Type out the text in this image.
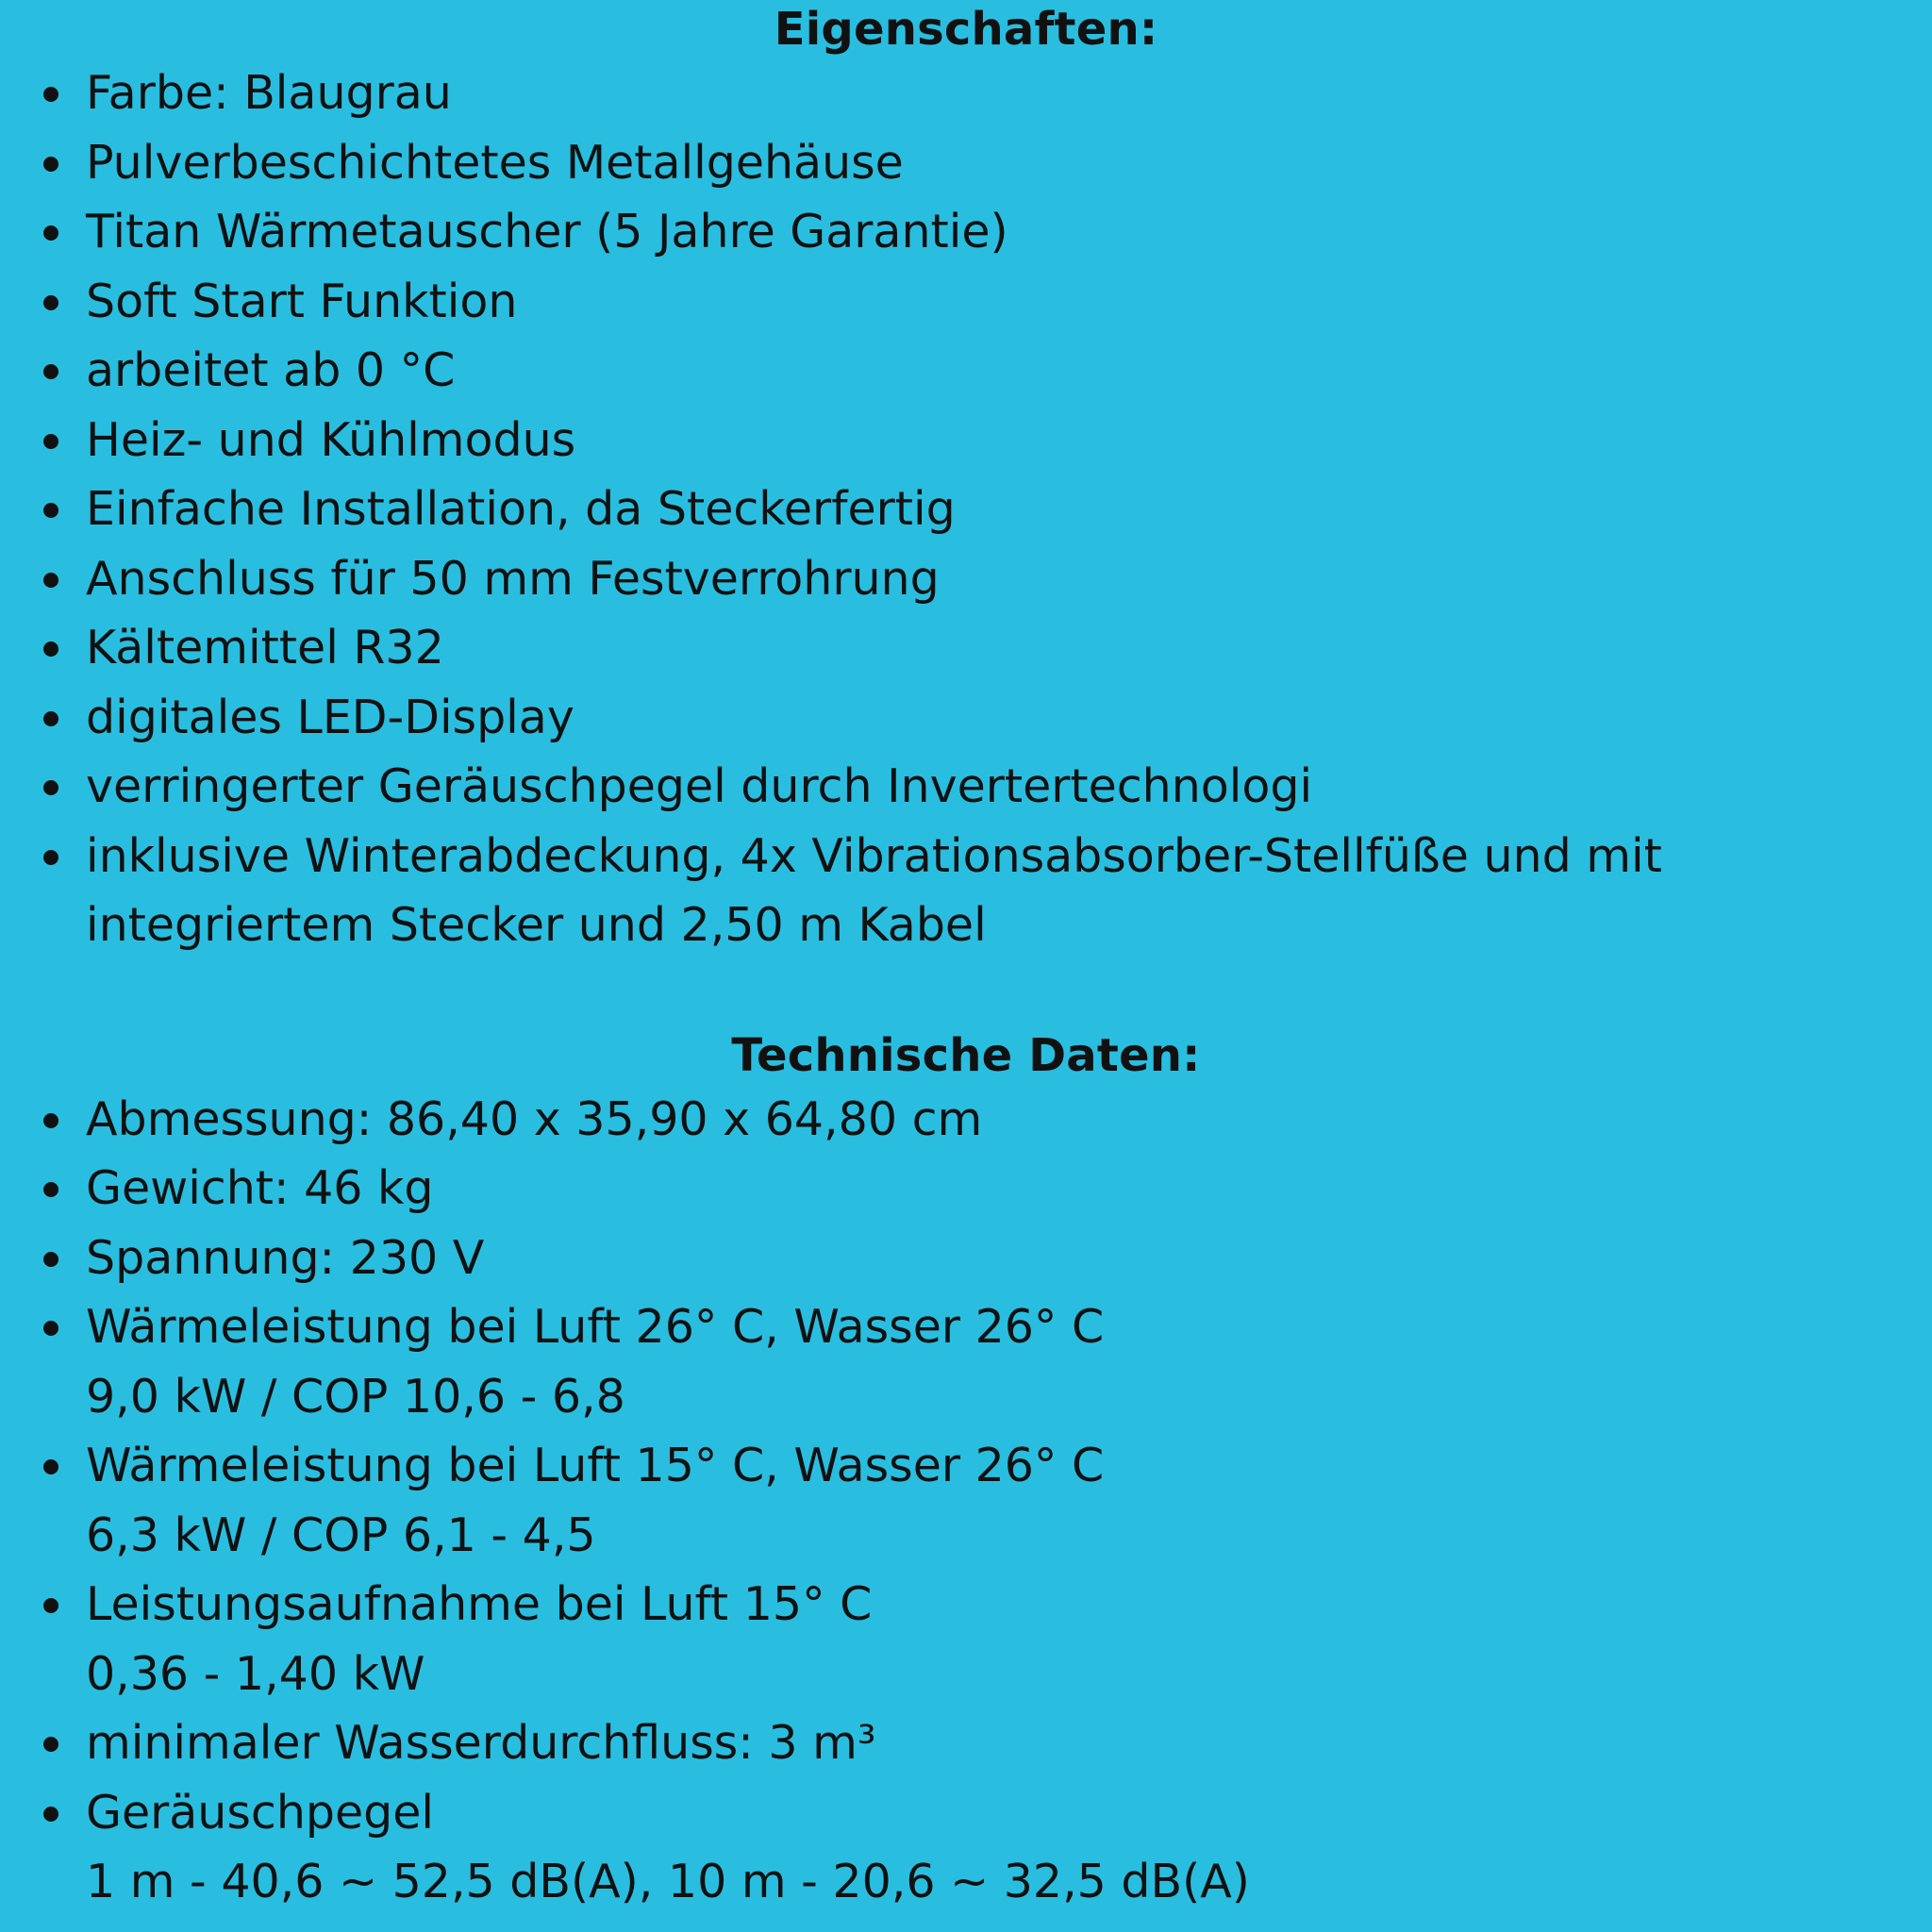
Eigenschaften:
Farbe: Blaugrau
Pulverbeschichtetes Metallgehäuse
Titan Wärmetauscher (5 Jahre Garantie)
Soft Start Funktion
arbeitet ab 0 °C
Heiz- und Kühlmodus
Einfache Installation, da Steckerfertig
Anschluss für 50 mm Festverrohrung
Kältemittel R32
digitales LED-Display
verringerter Geräuschpegel durch Invertertechnologi
inklusive Winterabdeckung, 4x Vibrationsabsorber-Stellfüße und mit
integriertem Stecker und 2,50 m Kabel
Technische Daten:
Abmessung: 86,40 x 35,90 x 64,80 cm
Gewicht: 46 kg
Spannung: 230 V
Wärmeleistung bei Luft 26° C, Wasser 26° C
9,0 kW / COP 10,6 - 6,8
Wärmeleistung bei Luft 15° C, Wasser 26° C
6,3 kW / COP 6,1 - 4,5
Leistungsaufnahme bei Luft 15° C
0,36 - 1,40 kW
minimaler Wasserdurchfluss: 3 m³
Geräuschpegel
1 m - 40,6 ~ 52,5 dB(A), 10 m - 20,6 ~ 32,5 dB(A)
